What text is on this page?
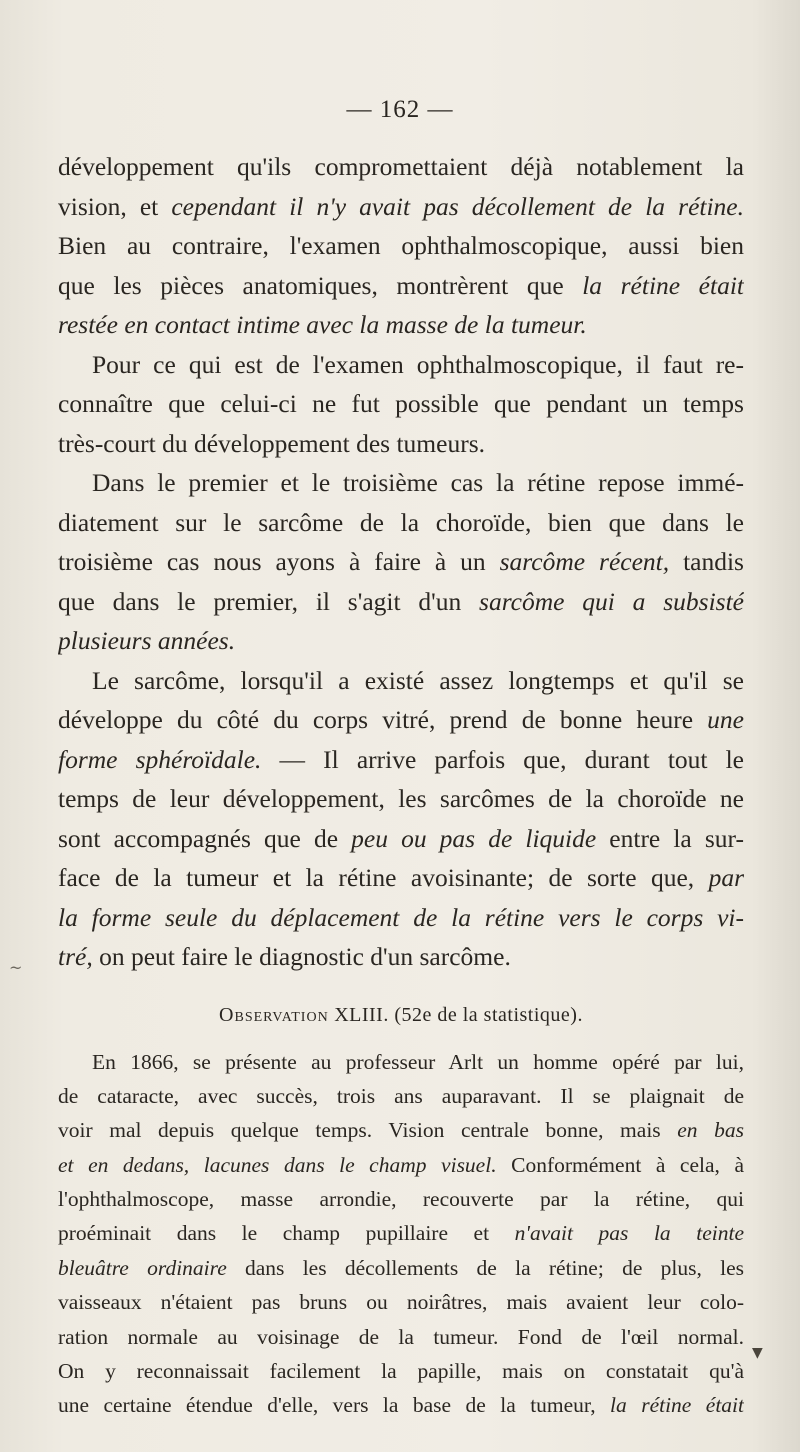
— 162 —
développement qu'ils compromettaient déjà notablement la
vision, et cependant il n'y avait pas décollement de la rétine.
Bien au contraire, l'examen ophthalmoscopique, aussi bien
que les pièces anatomiques, montrèrent que la rétine était
restée en contact intime avec la masse de la tumeur.
Pour ce qui est de l'examen ophthalmoscopique, il faut re-
connaître que celui-ci ne fut possible que pendant un temps
très-court du développement des tumeurs.
Dans le premier et le troisième cas la rétine repose immé-
diatement sur le sarcôme de la choroïde, bien que dans le
troisième cas nous ayons à faire à un sarcôme récent, tandis
que dans le premier, il s'agit d'un sarcôme qui a subsisté
plusieurs années.
Le sarcôme, lorsqu'il a existé assez longtemps et qu'il se
développe du côté du corps vitré, prend de bonne heure une
forme sphéroïdale. — Il arrive parfois que, durant tout le
temps de leur développement, les sarcômes de la choroïde ne
sont accompagnés que de peu ou pas de liquide entre la sur-
face de la tumeur et la rétine avoisinante; de sorte que, par
la forme seule du déplacement de la rétine vers le corps vi-
tré, on peut faire le diagnostic d'un sarcôme.
Observation XLIII. (52e de la statistique).
En 1866, se présente au professeur Arlt un homme opéré par lui,
de cataracte, avec succès, trois ans auparavant. Il se plaignait de
voir mal depuis quelque temps. Vision centrale bonne, mais en bas
et en dedans, lacunes dans le champ visuel. Conformément à cela, à
l'ophthalmoscope, masse arrondie, recouverte par la rétine, qui
proéminait dans le champ pupillaire et n'avait pas la teinte
bleuâtre ordinaire dans les décollements de la rétine; de plus, les
vaisseaux n'étaient pas bruns ou noirâtres, mais avaient leur colo-
ration normale au voisinage de la tumeur. Fond de l'œil normal.
On y reconnaissait facilement la papille, mais on constatait qu'à
une certaine étendue d'elle, vers la base de la tumeur, la rétine était
~
▼
